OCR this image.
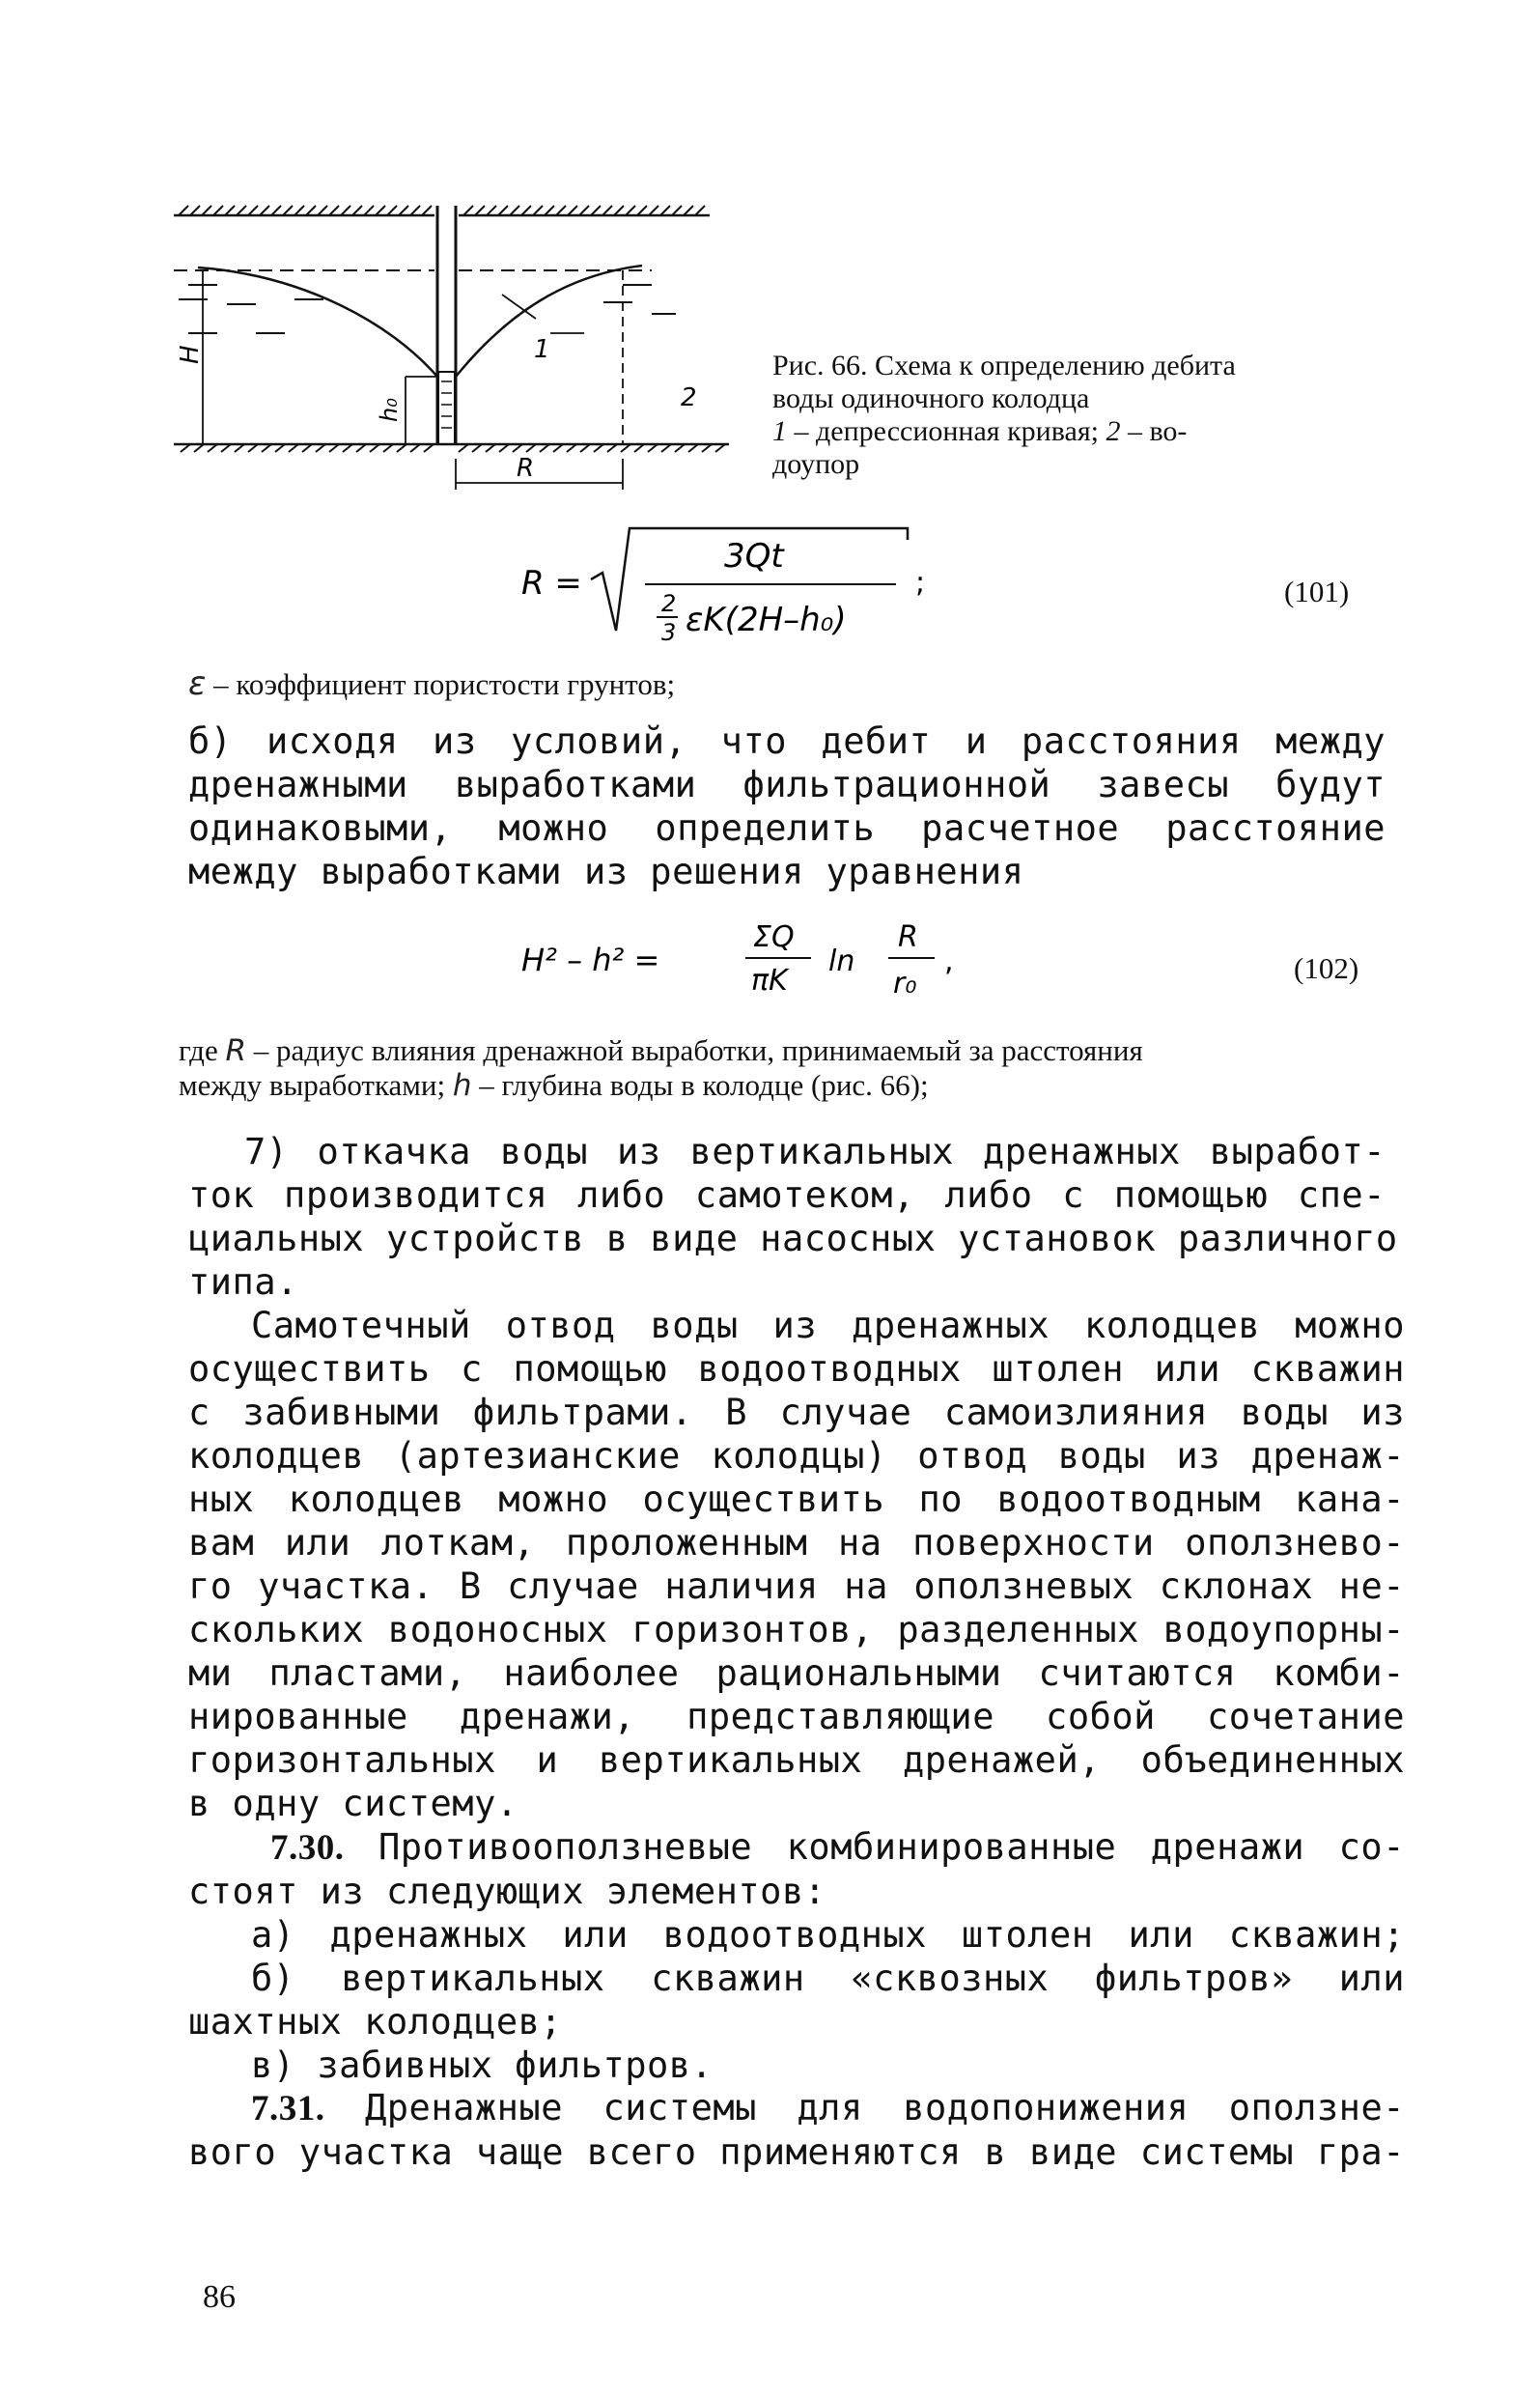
H
h₀
R
1
2
Рис. 66. Схема к определению дебита
воды одиночного колодца
1 – депрессионная кривая; 2 – во-
доупор
R =
3Qt
2
3 εK(2H–h₀)
;	(101)
ε – коэффициент пористости грунтов;
б) исходя из условий, что дебит и расстояния между
дренажными выработками фильтрационной завесы будут
одинаковыми, можно определить расчетное расстояние
между выработками из решения уравнения
H² – h² =
ΣQ
πK
ln
R
r₀
,	(102)
где R – радиус влияния дренажной выработки, принимаемый за расстояния
между выработками; h – глубина воды в колодце (рис. 66);
7) откачка воды из вертикальных дренажных выработ-
ток производится либо самотеком, либо с помощью спе-
циальных устройств в виде насосных установок различного
типа.
Самотечный отвод воды из дренажных колодцев можно
осуществить с помощью водоотводных штолен или скважин
с забивными фильтрами. В случае самоизлияния воды из
колодцев (артезианские колодцы) отвод воды из дренаж-
ных колодцев можно осуществить по водоотводным кана-
вам или лоткам, проложенным на поверхности оползнево-
го участка. В случае наличия на оползневых склонах не-
скольких водоносных горизонтов, разделенных водоупорны-
ми пластами, наиболее рациональными считаются комби-
нированные дренажи, представляющие собой сочетание
горизонтальных и вертикальных дренажей, объединенных
в одну систему.
7.30. Противооползневые комбинированные дренажи со-
стоят из следующих элементов:
а) дренажных или водоотводных штолен или скважин;
б) вертикальных скважин «сквозных фильтров» или
шахтных колодцев;
в) забивных фильтров.
7.31. Дренажные системы для водопонижения оползне-
вого участка чаще всего применяются в виде системы гра-
86
